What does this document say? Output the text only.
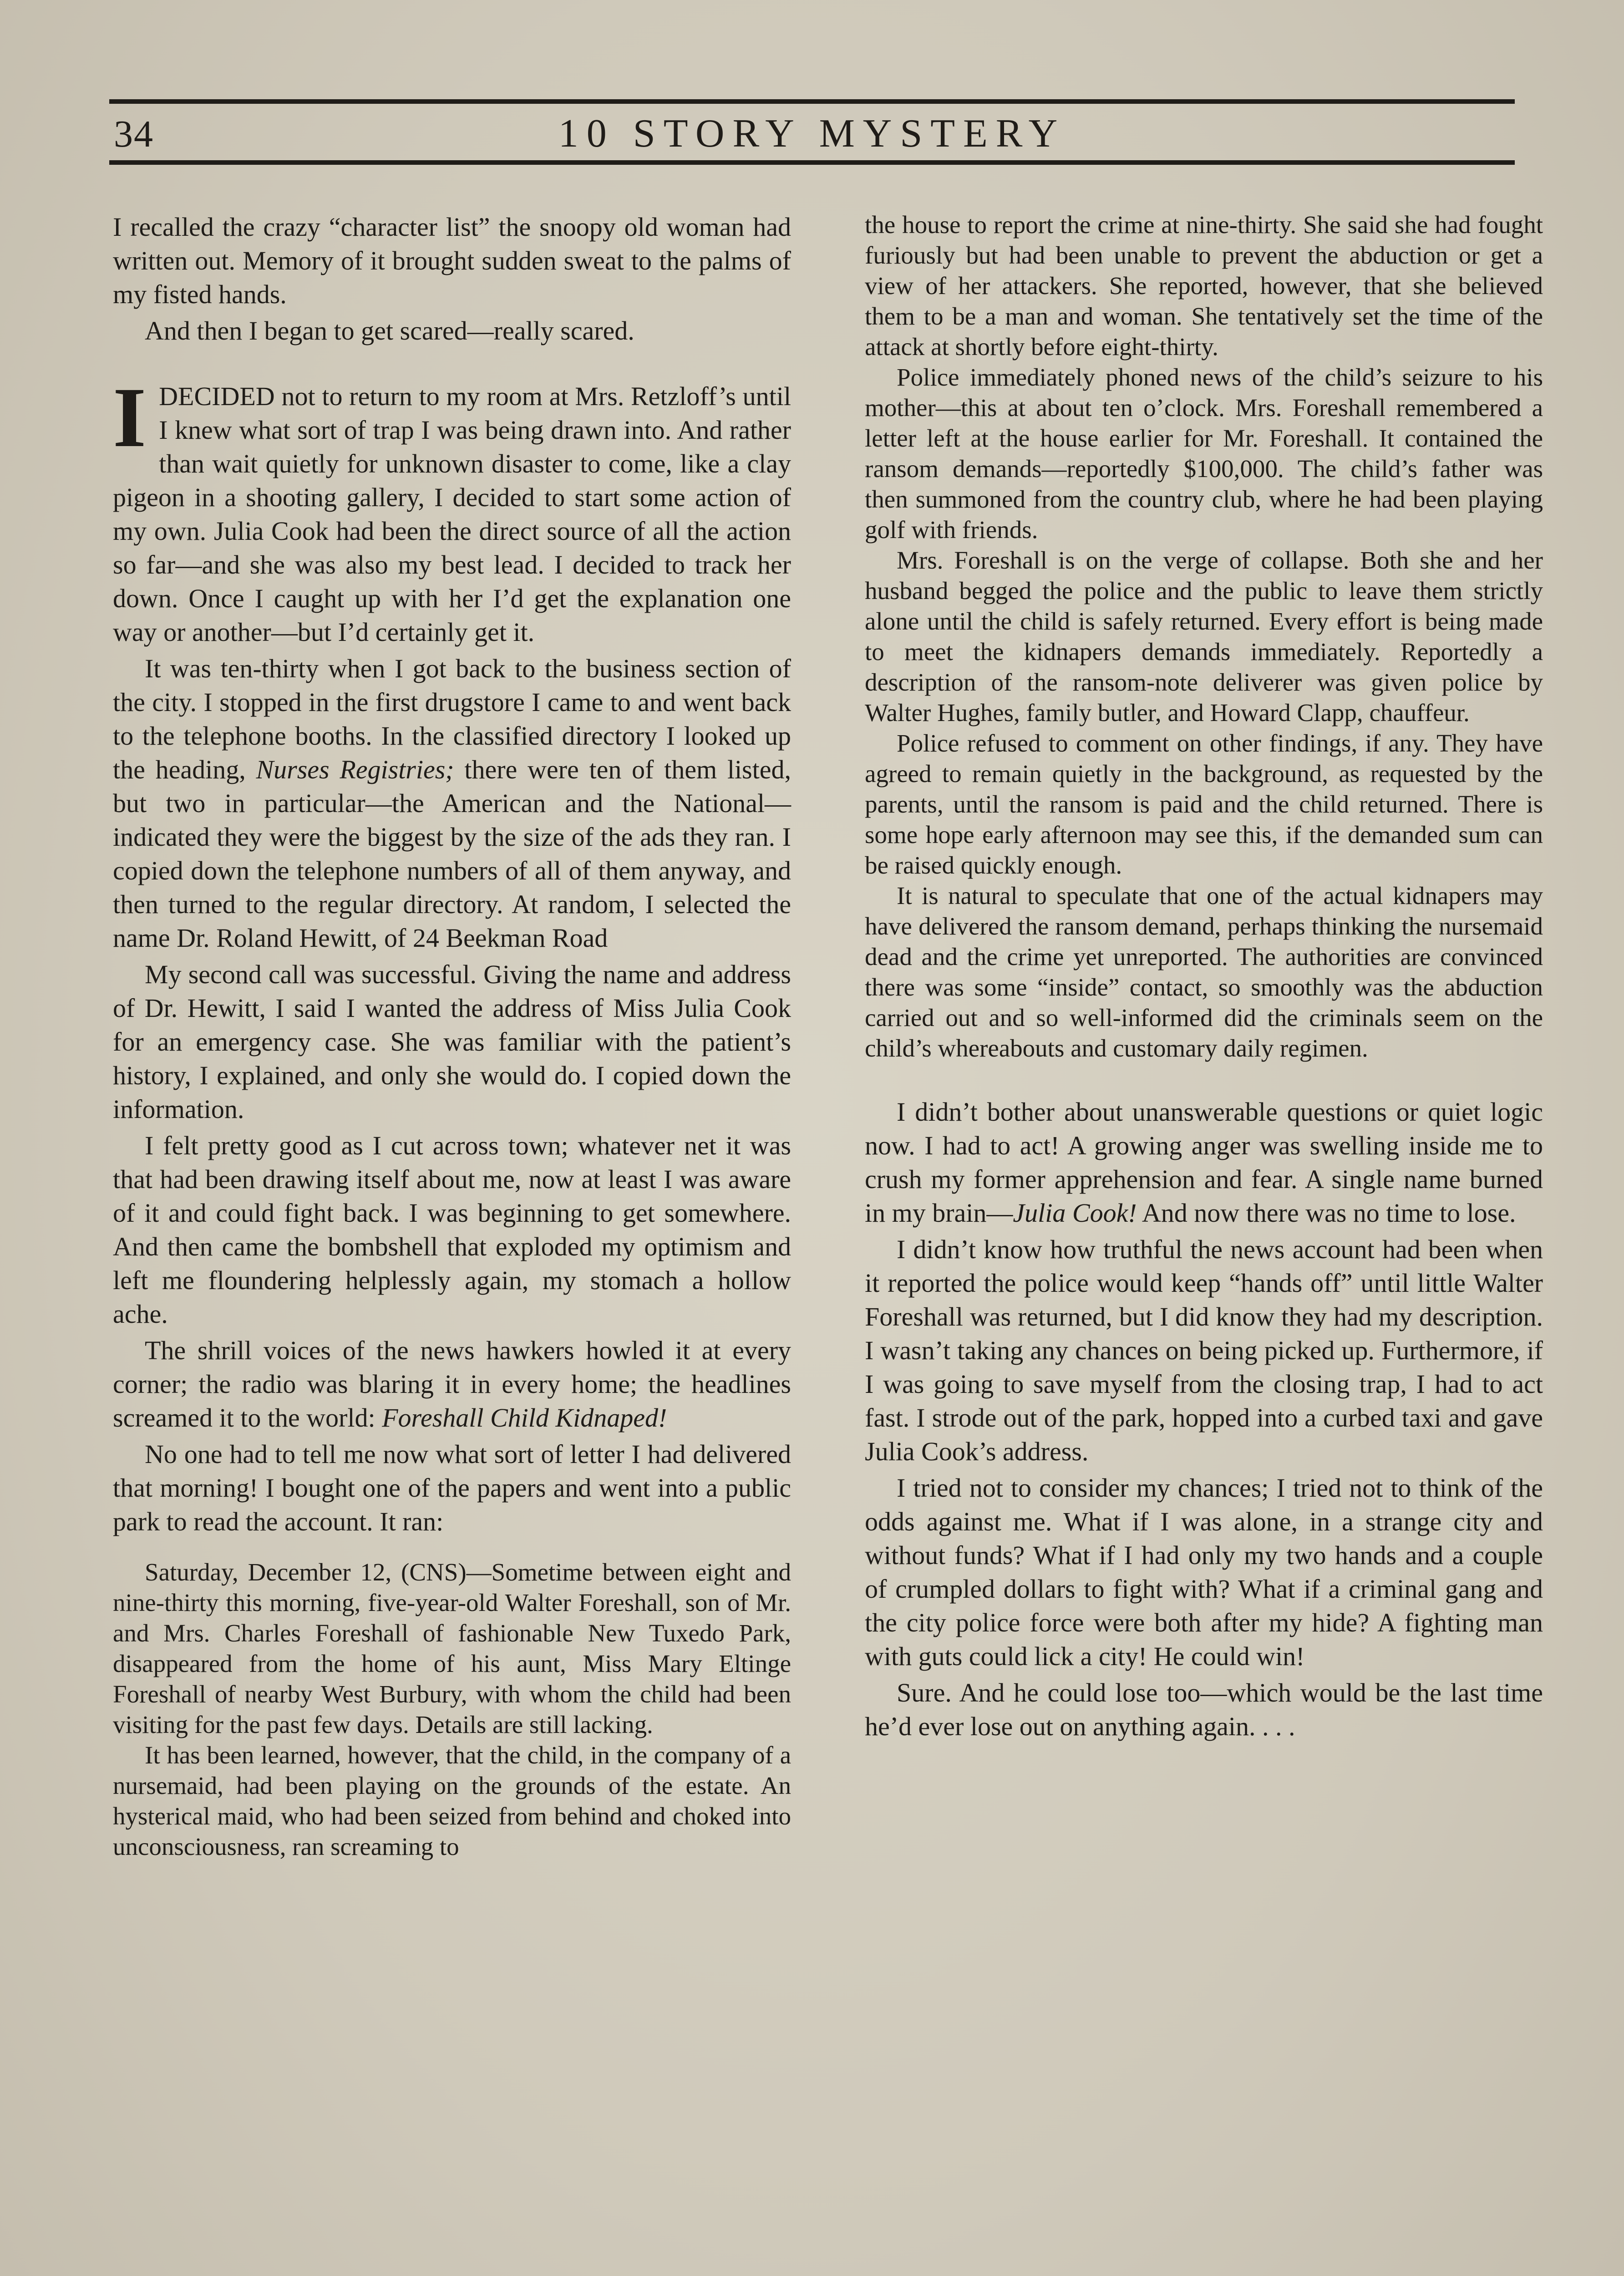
34	10 STORY MYSTERY

I recalled the crazy “character list” the snoopy old woman had written out. Memory of it brought sudden sweat to the palms of my fisted hands.

And then I began to get scared—really scared.

IDECIDED not to return to my room at Mrs. Retzloff’s until I knew what sort of trap I was being drawn into. And rather than wait quietly for unknown disaster to come, like a clay pigeon in a shooting gallery, I decided to start some action of my own. Julia Cook had been the direct source of all the action so far—and she was also my best lead. I decided to track her down. Once I caught up with her I’d get the explanation one way or another—but I’d certainly get it.

It was ten-thirty when I got back to the business section of the city. I stopped in the first drugstore I came to and went back to the telephone booths. In the classified directory I looked up the heading, Nurses Registries; there were ten of them listed, but two in particular—the American and the National—indicated they were the biggest by the size of the ads they ran. I copied down the telephone numbers of all of them anyway, and then turned to the regular directory. At random, I selected the name Dr. Roland Hewitt, of 24 Beekman Road

My second call was successful. Giving the name and address of Dr. Hewitt, I said I wanted the address of Miss Julia Cook for an emergency case. She was familiar with the patient’s history, I explained, and only she would do. I copied down the information.

I felt pretty good as I cut across town; whatever net it was that had been drawing itself about me, now at least I was aware of it and could fight back. I was beginning to get somewhere. And then came the bombshell that exploded my optimism and left me floundering helplessly again, my stomach a hollow ache.

The shrill voices of the news hawkers howled it at every corner; the radio was blaring it in every home; the headlines screamed it to the world: Foreshall Child Kidnaped!

No one had to tell me now what sort of letter I had delivered that morning! I bought one of the papers and went into a public park to read the account. It ran:

Saturday, December 12, (CNS)—Sometime between eight and nine-thirty this morning, five-year-old Walter Foreshall, son of Mr. and Mrs. Charles Foreshall of fashionable New Tuxedo Park, disappeared from the home of his aunt, Miss Mary Eltinge Foreshall of nearby West Burbury, with whom the child had been visiting for the past few days. Details are still lacking.

It has been learned, however, that the child, in the company of a nursemaid, had been playing on the grounds of the estate. An hysterical maid, who had been seized from behind and choked into unconsciousness, ran screaming to

the house to report the crime at nine-thirty. She said she had fought furiously but had been unable to prevent the abduction or get a view of her attackers. She reported, however, that she believed them to be a man and woman. She tentatively set the time of the attack at shortly before eight-thirty.

Police immediately phoned news of the child’s seizure to his mother—this at about ten o’clock. Mrs. Foreshall remembered a letter left at the house earlier for Mr. Foreshall. It contained the ransom demands—reportedly $100,000. The child’s father was then summoned from the country club, where he had been playing golf with friends.

Mrs. Foreshall is on the verge of collapse. Both she and her husband begged the police and the public to leave them strictly alone until the child is safely returned. Every effort is being made to meet the kidnapers demands immediately. Reportedly a description of the ransom-note deliverer was given police by Walter Hughes, family butler, and Howard Clapp, chauffeur.

Police refused to comment on other findings, if any. They have agreed to remain quietly in the background, as requested by the parents, until the ransom is paid and the child returned. There is some hope early afternoon may see this, if the demanded sum can be raised quickly enough.

It is natural to speculate that one of the actual kidnapers may have delivered the ransom demand, perhaps thinking the nursemaid dead and the crime yet unreported. The authorities are convinced there was some “inside” contact, so smoothly was the abduction carried out and so well-informed did the criminals seem on the child’s whereabouts and customary daily regimen.

I didn’t bother about unanswerable questions or quiet logic now. I had to act! A growing anger was swelling inside me to crush my former apprehension and fear. A single name burned in my brain—Julia Cook! And now there was no time to lose.

I didn’t know how truthful the news account had been when it reported the police would keep “hands off” until little Walter Foreshall was returned, but I did know they had my description. I wasn’t taking any chances on being picked up. Furthermore, if I was going to save myself from the closing trap, I had to act fast. I strode out of the park, hopped into a curbed taxi and gave Julia Cook’s address.

I tried not to consider my chances; I tried not to think of the odds against me. What if I was alone, in a strange city and without funds? What if I had only my two hands and a couple of crumpled dollars to fight with? What if a criminal gang and the city police force were both after my hide? A fighting man with guts could lick a city! He could win!

Sure. And he could lose too—which would be the last time he’d ever lose out on anything again. . . .
